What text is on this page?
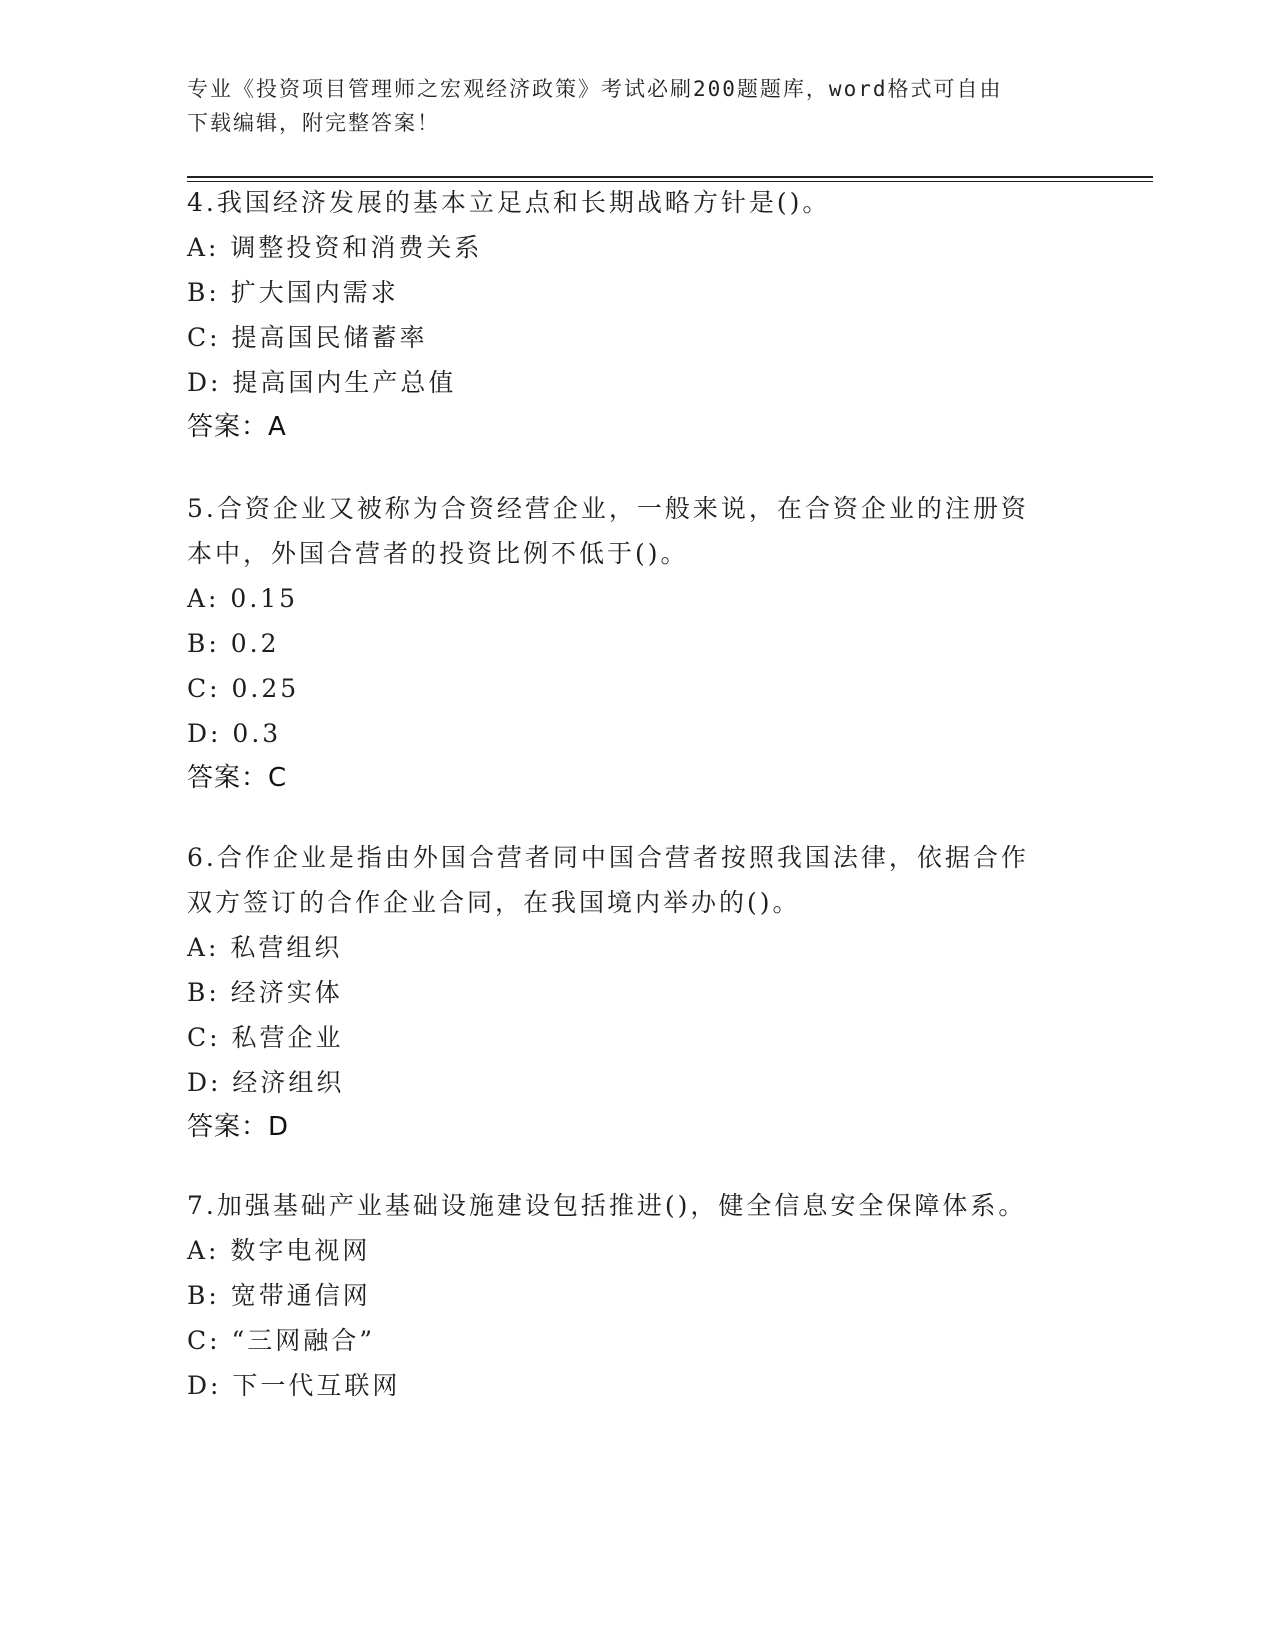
专业《投资项目管理师之宏观经济政策》考试必刷200题题库，word格式可自由
下载编辑，附完整答案！
4.我国经济发展的基本立足点和长期战略方针是()。
A: 调整投资和消费关系
B: 扩大国内需求
C: 提高国民储蓄率
D: 提高国内生产总值
答案：A
5.合资企业又被称为合资经营企业，一般来说，在合资企业的注册资
本中，外国合营者的投资比例不低于()。
A: 0.15
B: 0.2
C: 0.25
D: 0.3
答案：C
6.合作企业是指由外国合营者同中国合营者按照我国法律，依据合作
双方签订的合作企业合同，在我国境内举办的()。
A: 私营组织
B: 经济实体
C: 私营企业
D: 经济组织
答案：D
7.加强基础产业基础设施建设包括推进()，健全信息安全保障体系。
A: 数字电视网
B: 宽带通信网
C: “三网融合”
D: 下一代互联网
